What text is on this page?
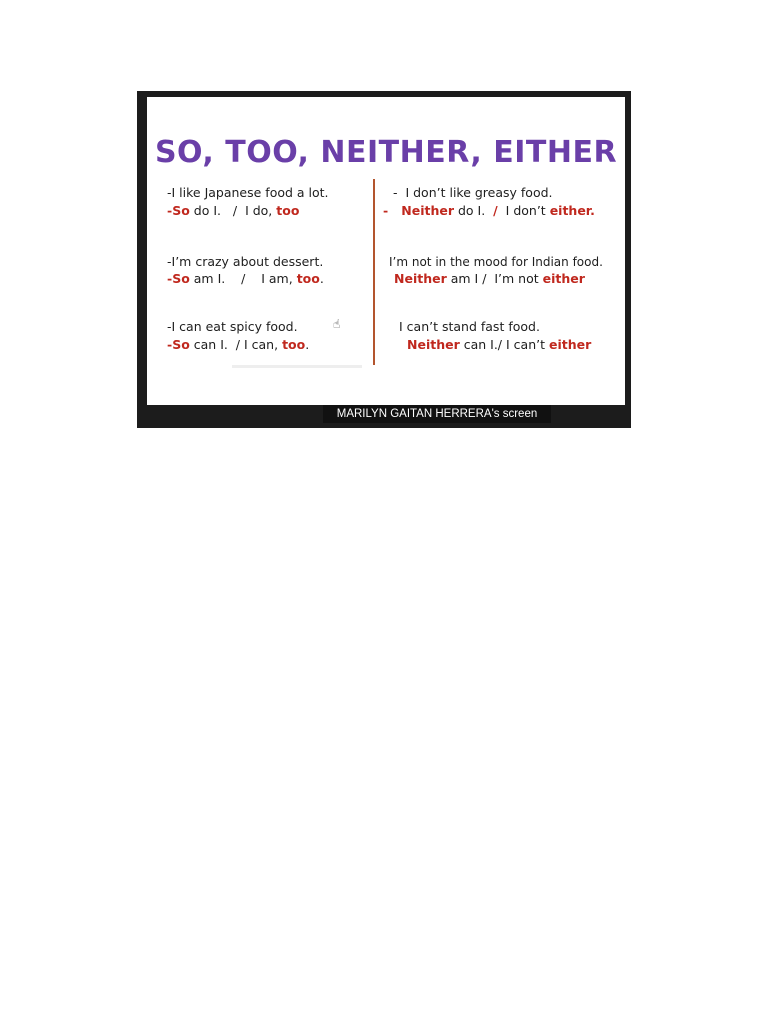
SO, TOO, NEITHER, EITHER
-I like Japanese food a lot.
-So do I.   /  I do, too
-I’m crazy about dessert.
-So am I.    /    I am, too.
-I can eat spicy food.
-So can I.  / I can, too.
☝
-  I don’t like greasy food.
-   Neither do I.  /  I don’t either.
I’m not in the mood for Indian food.
Neither am I /  I’m not either
I can’t stand fast food.
Neither can I./ I can’t either
MARILYN GAITAN HERRERA's screen
